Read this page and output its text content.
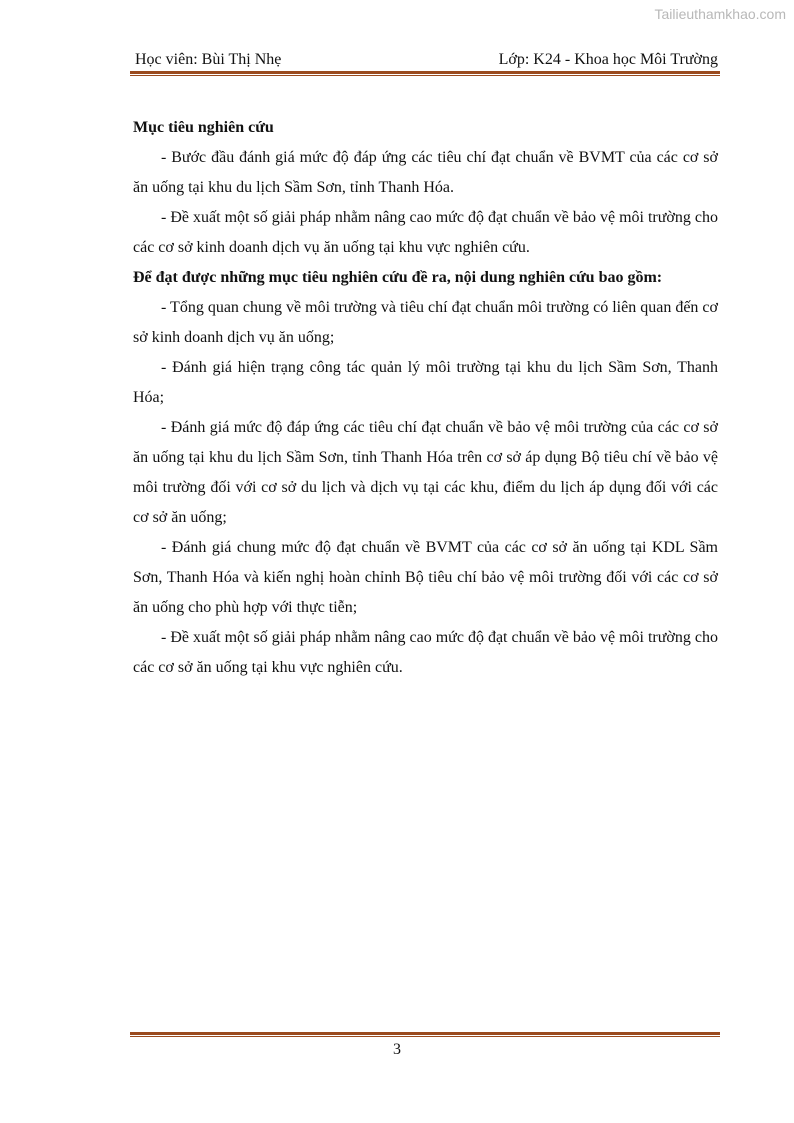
Tailieuthamkhao.com
Học viên: Bùi Thị Nhẹ	Lớp: K24 - Khoa học Môi Trường

Mục tiêu nghiên cứu

- Bước đầu đánh giá mức độ đáp ứng các tiêu chí đạt chuẩn về BVMT của các cơ sở ăn uống tại khu du lịch Sầm Sơn, tỉnh Thanh Hóa.

- Đề xuất một số giải pháp nhằm nâng cao mức độ đạt chuẩn về bảo vệ môi trường cho các cơ sở kinh doanh dịch vụ ăn uống tại khu vực nghiên cứu.

Để đạt được những mục tiêu nghiên cứu đề ra, nội dung nghiên cứu bao gồm:

- Tổng quan chung về môi trường và tiêu chí đạt chuẩn môi trường có liên quan đến cơ sở kinh doanh dịch vụ ăn uống;

- Đánh giá hiện trạng công tác quản lý môi trường tại khu du lịch Sầm Sơn, Thanh Hóa;

- Đánh giá mức độ đáp ứng các tiêu chí đạt chuẩn về bảo vệ môi trường của các cơ sở ăn uống tại khu du lịch Sầm Sơn, tỉnh Thanh Hóa trên cơ sở áp dụng Bộ tiêu chí về bảo vệ môi trường đối với cơ sở du lịch và dịch vụ tại các khu, điểm du lịch áp dụng đối với các cơ sở ăn uống;

- Đánh giá chung mức độ đạt chuẩn về BVMT của các cơ sở ăn uống tại KDL Sầm Sơn, Thanh Hóa và kiến nghị hoàn chỉnh Bộ tiêu chí bảo vệ môi trường đối với các cơ sở ăn uống cho phù hợp với thực tiễn;

- Đề xuất một số giải pháp nhằm nâng cao mức độ đạt chuẩn về bảo vệ môi trường cho các cơ sở ăn uống tại khu vực nghiên cứu.

3
